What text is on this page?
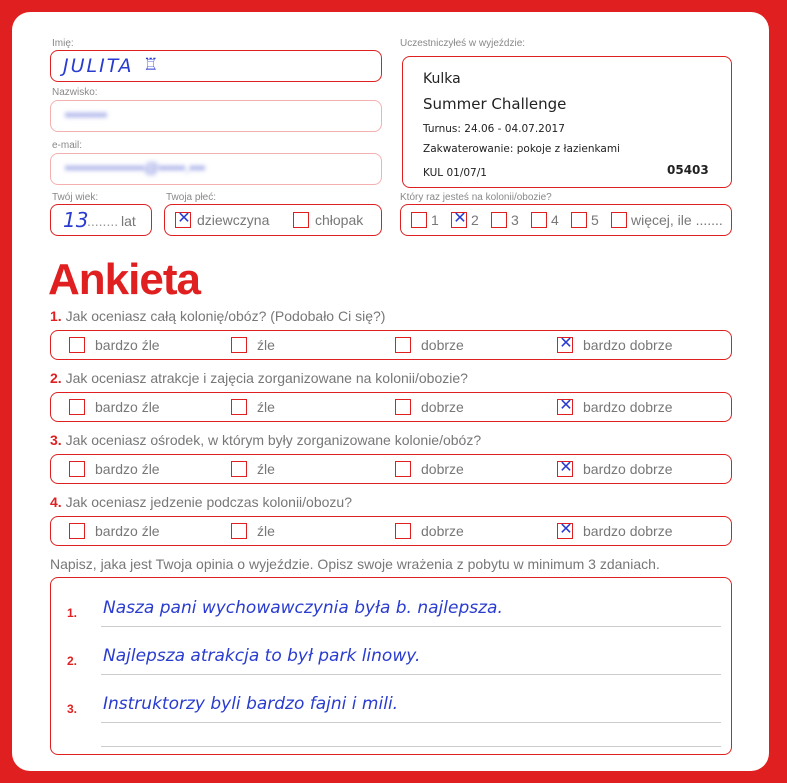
Imię:
JULITA ♖
Nazwisko:
••••••••
e-mail:
•••••••••••••••@•••••.•••
Twój wiek:
13
........ lat
Twoja płeć:
✕ dziewczyna	chłopak
Uczestniczyłeś w wyjeździe:
Kulka
Summer Challenge
Turnus: 24.06 - 04.07.2017
Zakwaterowanie: pokoje z łazienkami
KUL 01/07/1	05403
Który raz jesteś na kolonii/obozie?
1 ✕ 2 3 4 5 więcej, ile .......
Ankieta
1. Jak oceniasz całą kolonię/obóz? (Podobało Ci się?)
bardzo źle	źle	dobrze	✕ bardzo dobrze
2. Jak oceniasz atrakcje i zajęcia zorganizowane na kolonii/obozie?
bardzo źle	źle	dobrze	✕ bardzo dobrze
3. Jak oceniasz ośrodek, w którym były zorganizowane kolonie/obóz?
bardzo źle	źle	dobrze	✕ bardzo dobrze
4. Jak oceniasz jedzenie podczas kolonii/obozu?
bardzo źle	źle	dobrze	✕ bardzo dobrze
Napisz, jaka jest Twoja opinia o wyjeździe. Opisz swoje wrażenia z pobytu w minimum 3 zdaniach.
1. Nasza pani wychowawczynia była b. najlepsza.
2. Najlepsza atrakcja to był park linowy.
3. Instruktorzy byli bardzo fajni i mili.
